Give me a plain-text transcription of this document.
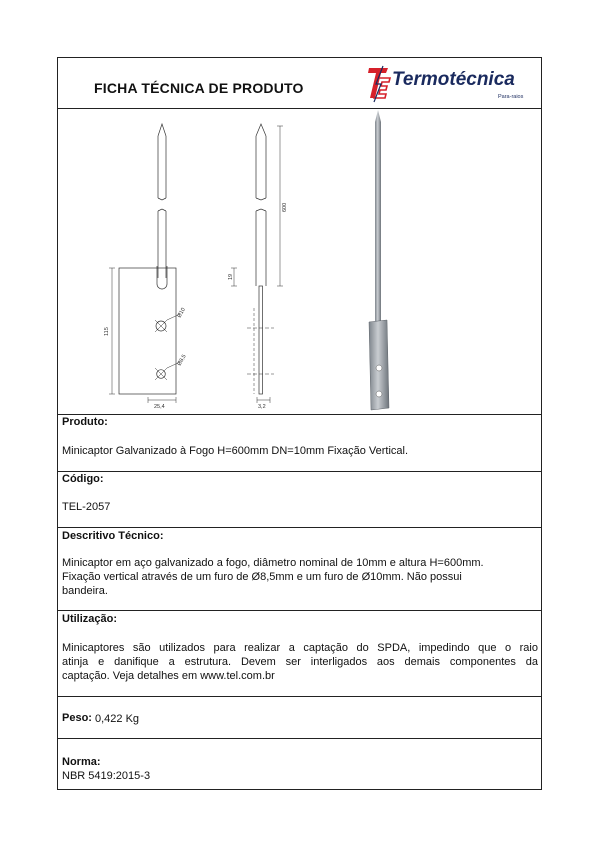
FICHA TÉCNICA DE PRODUTO	Termotécnica
Para-raios
115
25,4
Ø10
Ø8,5
600
19
3,2
Produto:
Minicaptor Galvanizado à Fogo H=600mm DN=10mm Fixação Vertical.
Código:
TEL-2057
Descritivo Técnico:
Minicaptor em aço galvanizado a fogo, diâmetro nominal de 10mm e altura H=600mm.
Fixação vertical através de um furo de Ø8,5mm e um furo de Ø10mm. Não possui
bandeira.
Utilização:
Minicaptores são utilizados para realizar a captação do SPDA, impedindo que o raio
atinja e danifique a estrutura. Devem ser interligados aos demais componentes da
captação. Veja detalhes em www.tel.com.br
Peso: 0,422 Kg
Norma:
NBR 5419:2015-3
